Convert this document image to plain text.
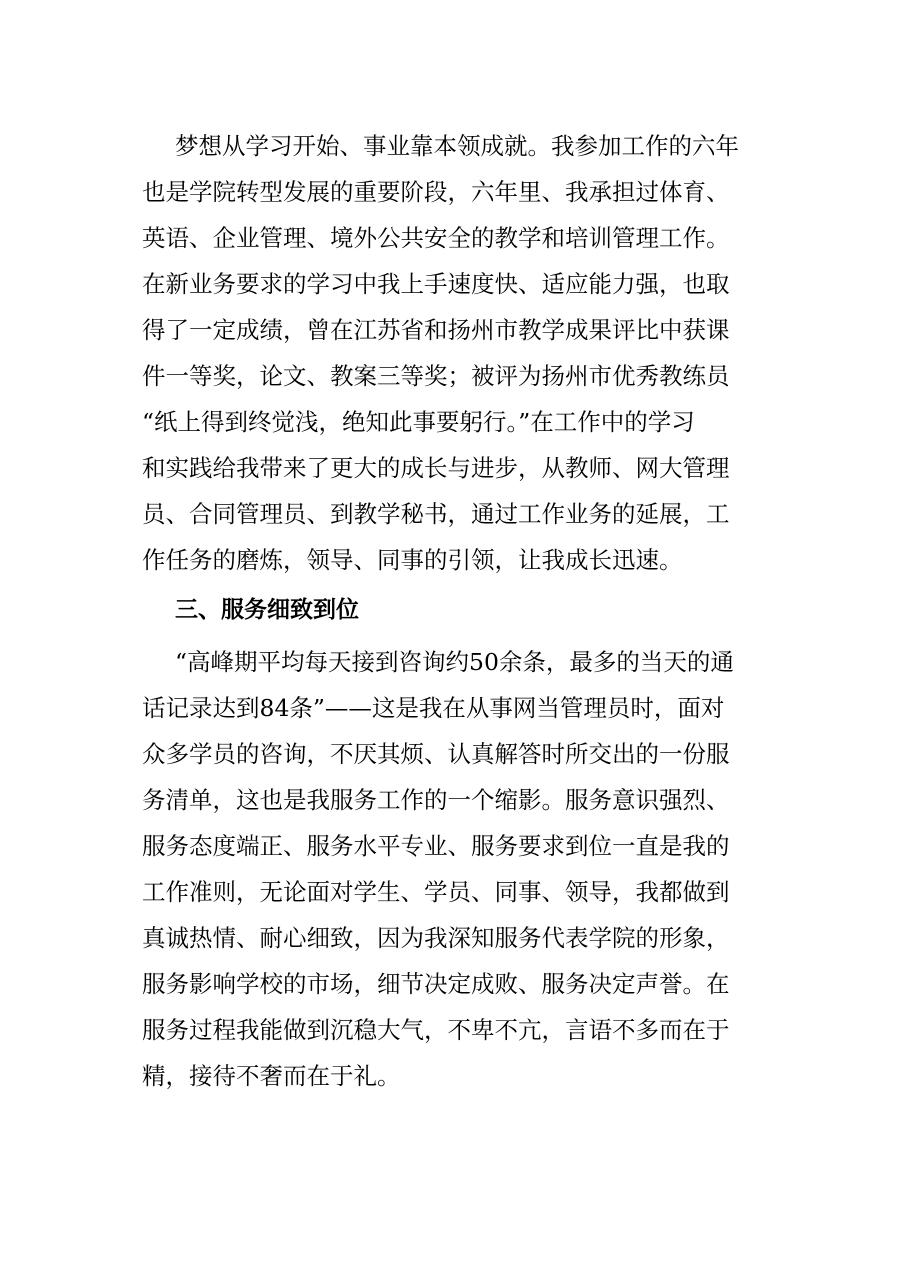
梦想从学习开始、事业靠本领成就。我参加工作的六年

也是学院转型发展的重要阶段，六年里、我承担过体育、

英语、企业管理、境外公共安全的教学和培训管理工作。

在新业务要求的学习中我上手速度快、适应能力强，也取

得了一定成绩，曾在江苏省和扬州市教学成果评比中获课

件一等奖，论文、教案三等奖；被评为扬州市优秀教练员

“纸上得到终觉浅，绝知此事要躬行。”在工作中的学习

和实践给我带来了更大的成长与进步，从教师、网大管理

员、合同管理员、到教学秘书，通过工作业务的延展，工

作任务的磨炼，领导、同事的引领，让我成长迅速。

三、服务细致到位

“高峰期平均每天接到咨询约50余条，最多的当天的通

话记录达到84条”——这是我在从事网当管理员时，面对

众多学员的咨询，不厌其烦、认真解答时所交出的一份服

务清单，这也是我服务工作的一个缩影。服务意识强烈、

服务态度端正、服务水平专业、服务要求到位一直是我的

工作准则，无论面对学生、学员、同事、领导，我都做到

真诚热情、耐心细致，因为我深知服务代表学院的形象，

服务影响学校的市场，细节决定成败、服务决定声誉。在

服务过程我能做到沉稳大气，不卑不亢，言语不多而在于

精，接待不奢而在于礼。
